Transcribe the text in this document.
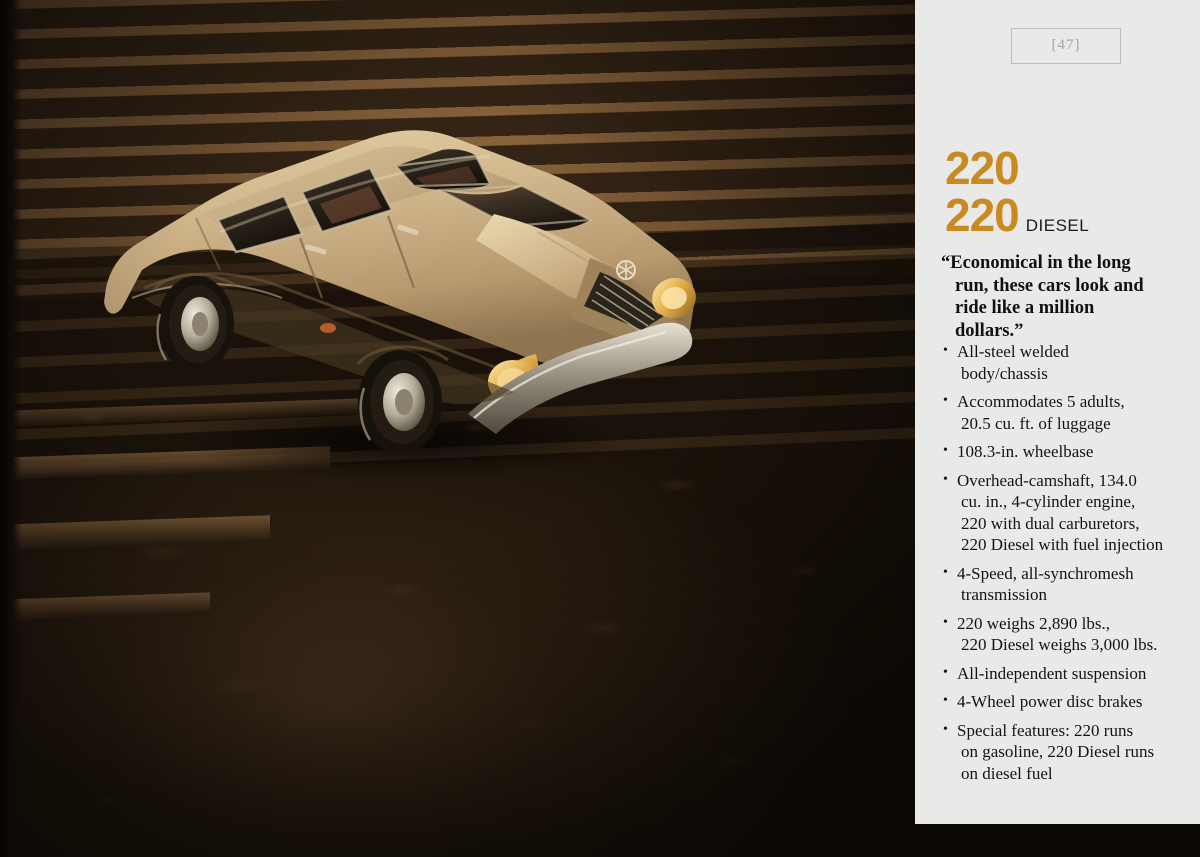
[47]
220
220 DIESEL
“Economical in the long
run, these cars look and
ride like a million
dollars.”
• All-steel welded
body/chassis
• Accommodates 5 adults,
20.5 cu. ft. of luggage
• 108.3-in. wheelbase
• Overhead-camshaft, 134.0
cu. in., 4-cylinder engine,
220 with dual carburetors,
220 Diesel with fuel injection
• 4-Speed, all-synchromesh
transmission
• 220 weighs 2,890 lbs.,
220 Diesel weighs 3,000 lbs.
• All-independent suspension
• 4-Wheel power disc brakes
• Special features: 220 runs
on gasoline, 220 Diesel runs
on diesel fuel
